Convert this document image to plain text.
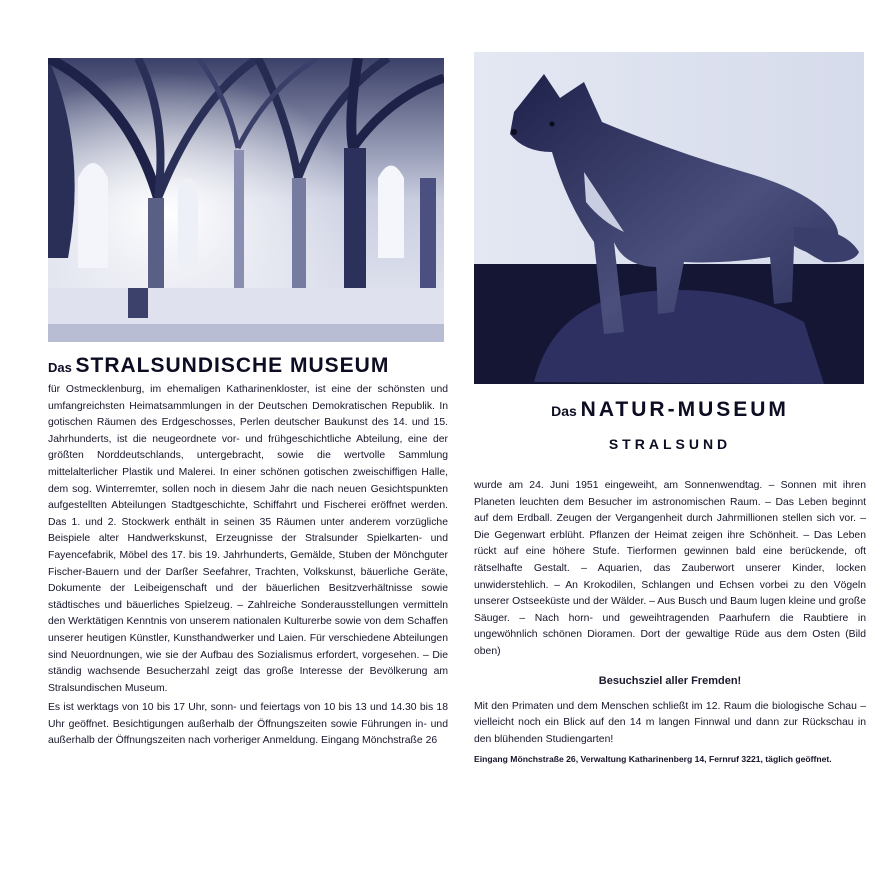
Das STRALSUNDISCHE MUSEUM
für Ostmecklenburg, im ehemaligen Katharinenkloster, ist eine der schönsten und umfangreichsten Heimatsammlungen in der Deutschen Demokratischen Republik. In gotischen Räumen des Erdgeschosses, Perlen deutscher Baukunst des 14. und 15. Jahrhunderts, ist die neugeordnete vor- und frühgeschichtliche Abteilung, eine der größten Norddeutschlands, untergebracht, sowie die wertvolle Sammlung mittelalterlicher Plastik und Malerei. In einer schönen gotischen zweischiffigen Halle, dem sog. Winterremter, sollen noch in diesem Jahr die nach neuen Gesichtspunkten aufgestellten Abteilungen Stadtgeschichte, Schiffahrt und Fischerei eröffnet werden. Das 1. und 2. Stockwerk enthält in seinen 35 Räumen unter anderem vorzügliche Beispiele alter Handwerkskunst, Erzeugnisse der Stralsunder Spielkarten- und Fayencefabrik, Möbel des 17. bis 19. Jahrhunderts, Gemälde, Stuben der Mönchguter Fischer-Bauern und der Darßer Seefahrer, Trachten, Volkskunst, bäuerliche Geräte, Dokumente der Leibeigenschaft und der bäuerlichen Besitzverhältnisse sowie städtisches und bäuerliches Spielzeug. – Zahlreiche Sonderausstellungen vermitteln den Werktätigen Kenntnis von unserem nationalen Kulturerbe sowie von dem Schaffen unserer heutigen Künstler, Kunsthandwerker und Laien. Für verschiedene Abteilungen sind Neuordnungen, wie sie der Aufbau des Sozialismus erfordert, vorgesehen. – Die ständig wachsende Besucherzahl zeigt das große Interesse der Bevölkerung am Stralsundischen Museum.
Es ist werktags von 10 bis 17 Uhr, sonn- und feiertags von 10 bis 13 und 14.30 bis 18 Uhr geöffnet. Besichtigungen außerhalb der Öffnungszeiten sowie Führungen in- und außerhalb der Öffnungszeiten nach vorheriger Anmeldung. Eingang Mönchstraße 26
Das NATUR-MUSEUM
STRALSUND
wurde am 24. Juni 1951 eingeweiht, am Sonnenwendtag. – Sonnen mit ihren Planeten leuchten dem Besucher im astronomischen Raum. – Das Leben beginnt auf dem Erdball. Zeugen der Vergangenheit durch Jahrmillionen stellen sich vor. – Die Gegenwart erblüht. Pflanzen der Heimat zeigen ihre Schönheit. – Das Leben rückt auf eine höhere Stufe. Tierformen gewinnen bald eine berückende, oft rätselhafte Gestalt. – Aquarien, das Zauberwort unserer Kinder, locken unwiderstehlich. – An Krokodilen, Schlangen und Echsen vorbei zu den Vögeln unserer Ostseeküste und der Wälder. – Aus Busch und Baum lugen kleine und große Säuger. – Nach horn- und geweihtragenden Paarhufern die Raubtiere in ungewöhnlich schönen Dioramen. Dort der gewaltige Rüde aus dem Osten (Bild oben)
Besuchsziel aller Fremden!
Mit den Primaten und dem Menschen schließt im 12. Raum die biologische Schau – vielleicht noch ein Blick auf den 14 m langen Finnwal und dann zur Rückschau in den blühenden Studiengarten!
Eingang Mönchstraße 26, Verwaltung Katharinenberg 14, Fernruf 3221, täglich geöffnet.
